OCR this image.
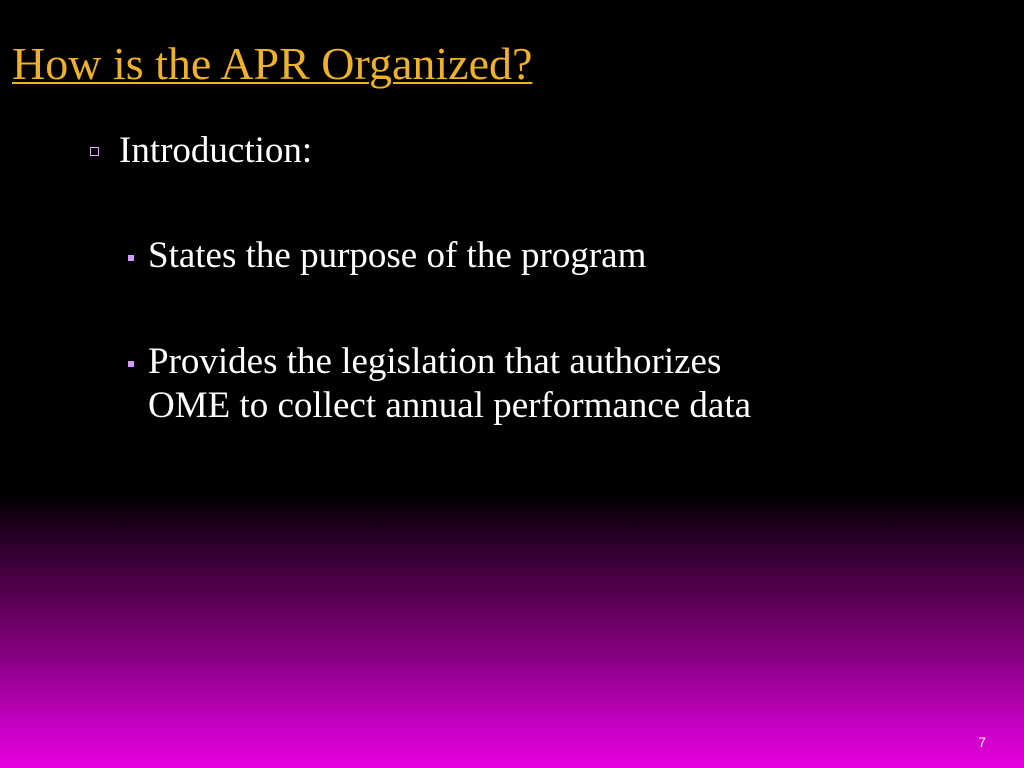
How is the APR Organized?
Introduction:
States the purpose of the program
Provides the legislation that authorizes
OME to collect annual performance data
7
